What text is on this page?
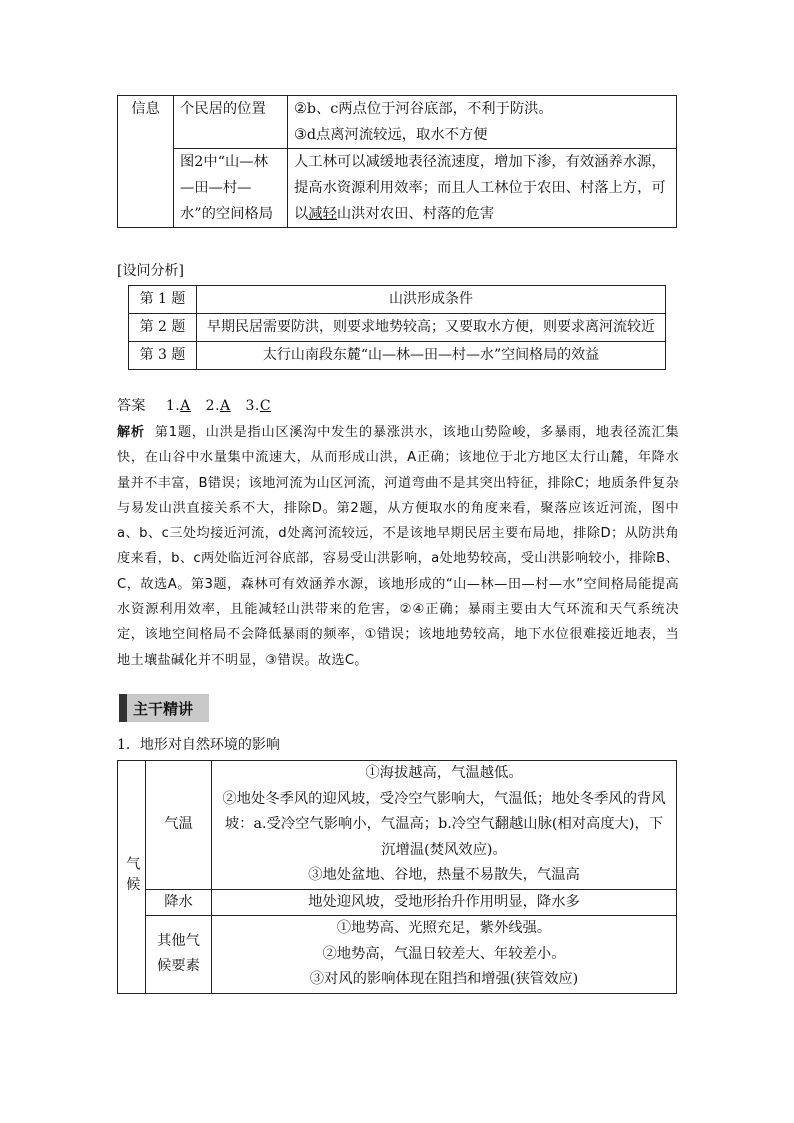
信息	个民居的位置	②b、c两点位于河谷底部，不利于防洪。
③d点离河流较远，取水不方便

	图2中“山—林—田—村—水”的空间格局	人工林可以减缓地表径流速度，增加下渗，有效涵养水源，提高水资源利用效率；而且人工林位于农田、村落上方，可以减轻山洪对农田、村落的危害
[设问分析]
第 1 题	山洪形成条件
第 2 题	早期民居需要防洪，则要求地势较高；又要取水方便，则要求离河流较近
第 3 题	太行山南段东麓“山—林—田—村—水”空间格局的效益
答案 1.A 2.A 3.C
解析 第1题，山洪是指山区溪沟中发生的暴涨洪水，该地山势险峻，多暴雨，地表径流汇集快，在山谷中水量集中流速大，从而形成山洪，A正确；该地位于北方地区太行山麓，年降水量并不丰富，B错误；该地河流为山区河流，河道弯曲不是其突出特征，排除C；地质条件复杂与易发山洪直接关系不大，排除D。第2题，从方便取水的角度来看，聚落应该近河流，图中a、b、c三处均接近河流，d处离河流较远，不是该地早期民居主要布局地，排除D；从防洪角度来看，b、c两处临近河谷底部，容易受山洪影响，a处地势较高，受山洪影响较小，排除B、C，故选A。第3题，森林可有效涵养水源，该地形成的“山—林—田—村—水”空间格局能提高水资源利用效率，且能减轻山洪带来的危害，②④正确；暴雨主要由大气环流和天气系统决定，该地空间格局不会降低暴雨的频率，①错误；该地地势较高，地下水位很难接近地表，当地土壤盐碱化并不明显，③错误。故选C。
主干精讲
1．地形对自然环境的影响
气候	气温	①海拔越高，气温越低。
②地处冬季风的迎风坡，受冷空气影响大，气温低；地处冬季风的背风坡：a.受冷空气影响小，气温高；b.冷空气翻越山脉(相对高度大)，下沉增温(焚风效应)。
③地处盆地、谷地，热量不易散失，气温高

	降水	地处迎风坡，受地形抬升作用明显，降水多
	其他气候要素	①地势高、光照充足，紫外线强。
②地势高，气温日较差大、年较差小。
③对风的影响体现在阻挡和增强(狭管效应)
